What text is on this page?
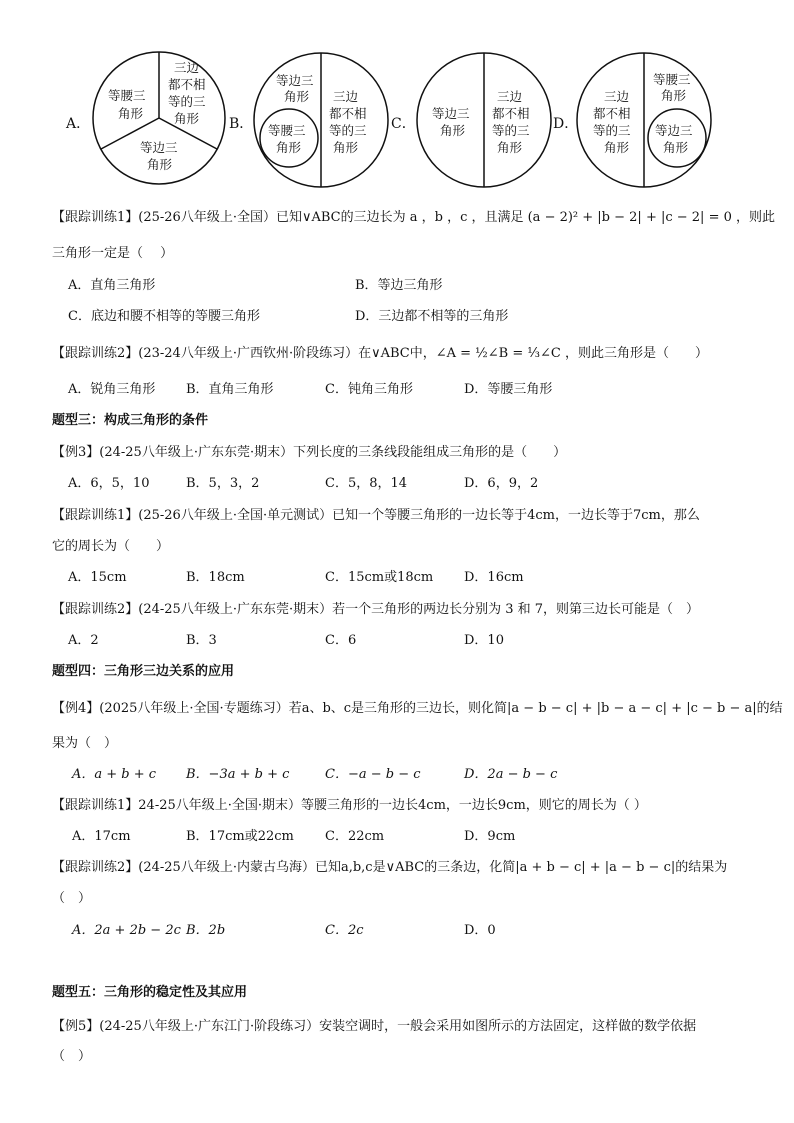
A．	B．	C．	D．
等腰三
角形
三边
都不相
等的三
角形
等边三
角形
等边三
角形 三边
都不相
等的三
角形
等腰三
角形
等边三
角形
三边
都不相
等的三
角形
三边
都不相
等的三
角形
等腰三
角形
等边三
角形
【跟踪训练1】(25-26八年级上·全国）已知∨ABC的三边长为 a ，b ，c ，且满足 (a − 2)² + |b − 2| + |c − 2| = 0 ，则此
三角形一定是（　 ）
A．直角三角形	B．等边三角形
C．底边和腰不相等的等腰三角形	D．三边都不相等的三角形
【跟踪训练2】(23-24八年级上·广西钦州·阶段练习）在∨ABC中，∠A = ½∠B = ⅓∠C ，则此三角形是（　　）
A．锐角三角形 B．直角三角形	C．钝角三角形	D．等腰三角形
题型三：构成三角形的条件
【例3】(24-25八年级上·广东东莞·期末）下列长度的三条线段能组成三角形的是（　　）
A．6，5，10	B．5，3，2	C．5，8，14	D．6，9，2
【跟踪训练1】(25-26八年级上·全国·单元测试）已知一个等腰三角形的一边长等于4cm，一边长等于7cm，那么
它的周长为（　　）
A．15cm	B．18cm	C．15cm或18cm D．16cm
【跟踪训练2】(24-25八年级上·广东东莞·期末）若一个三角形的两边长分别为 3 和 7，则第三边长可能是（　）
A．2	B．3	C．6	D．10
题型四：三角形三边关系的应用
【例4】(2025八年级上·全国·专题练习）若a、b、c是三角形的三边长，则化简|a − b − c| + |b − a − c| + |c − b − a|的结
果为（　）
A．a + b + c B．−3a + b + c	C．−a − b − c	D．2a − b − c
【跟踪训练1】24-25八年级上·全国·期末）等腰三角形的一边长4cm，一边长9cm，则它的周长为（ ）
A．17cm	B．17cm或22cm C．22cm	D．9cm
【跟踪训练2】(24-25八年级上·内蒙古乌海）已知a,b,c是∨ABC的三条边，化简|a + b − c| + |a − b − c|的结果为
（　）
A．2a + 2b − 2c B．2b	C．2c	D．0
题型五：三角形的稳定性及其应用
【例5】(24-25八年级上·广东江门·阶段练习）安装空调时，一般会采用如图所示的方法固定，这样做的数学依据
（　）
